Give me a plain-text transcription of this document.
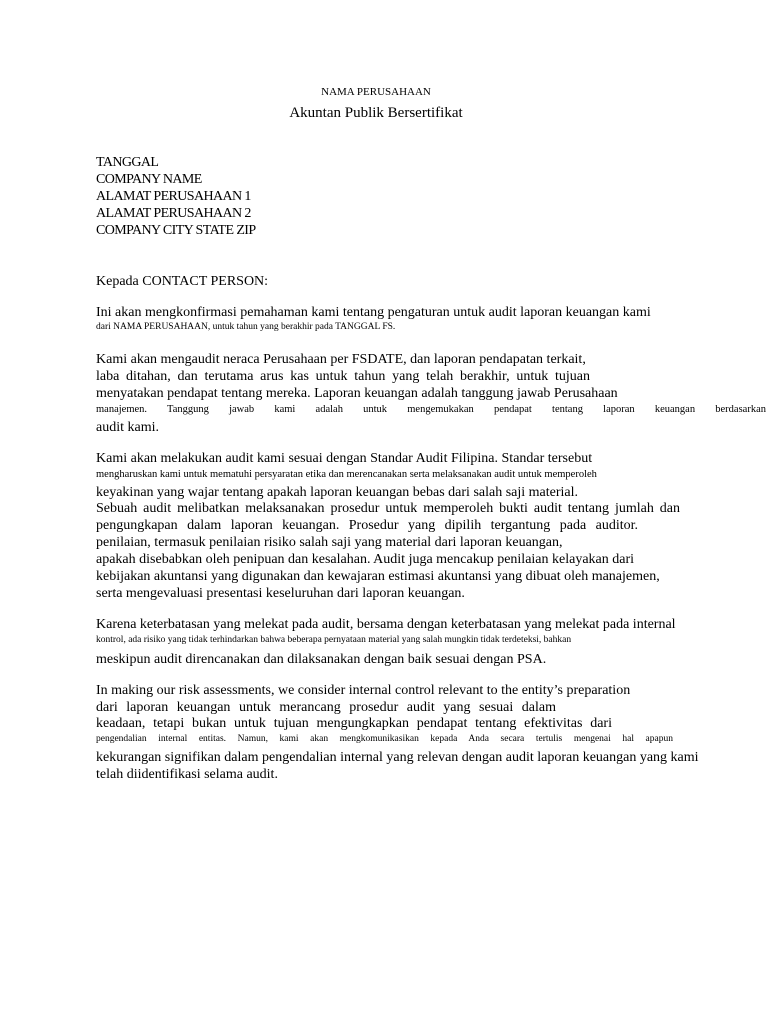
NAMA PERUSAHAAN
Akuntan Publik Bersertifikat
TANGGAL
COMPANY NAME
ALAMAT PERUSAHAAN 1
ALAMAT PERUSAHAAN 2
COMPANY CITY STATE ZIP
Kepada CONTACT PERSON:
Ini akan mengkonfirmasi pemahaman kami tentang pengaturan untuk audit laporan keuangan kami
dari NAMA PERUSAHAAN, untuk tahun yang berakhir pada TANGGAL FS.
Kami akan mengaudit neraca Perusahaan per FSDATE, dan laporan pendapatan terkait,
laba ditahan, dan terutama arus kas untuk tahun yang telah berakhir, untuk tujuan
menyatakan pendapat tentang mereka. Laporan keuangan adalah tanggung jawab Perusahaan
manajemen. Tanggung jawab kami adalah untuk mengemukakan pendapat tentang laporan keuangan berdasarkan
audit kami.
Kami akan melakukan audit kami sesuai dengan Standar Audit Filipina. Standar tersebut
mengharuskan kami untuk mematuhi persyaratan etika dan merencanakan serta melaksanakan audit untuk memperoleh
keyakinan yang wajar tentang apakah laporan keuangan bebas dari salah saji material.
Sebuah audit melibatkan melaksanakan prosedur untuk memperoleh bukti audit tentang jumlah dan
pengungkapan dalam laporan keuangan. Prosedur yang dipilih tergantung pada auditor.
penilaian, termasuk penilaian risiko salah saji yang material dari laporan keuangan,
apakah disebabkan oleh penipuan dan kesalahan. Audit juga mencakup penilaian kelayakan dari
kebijakan akuntansi yang digunakan dan kewajaran estimasi akuntansi yang dibuat oleh manajemen,
serta mengevaluasi presentasi keseluruhan dari laporan keuangan.
Karena keterbatasan yang melekat pada audit, bersama dengan keterbatasan yang melekat pada internal
kontrol, ada risiko yang tidak terhindarkan bahwa beberapa pernyataan material yang salah mungkin tidak terdeteksi, bahkan
meskipun audit direncanakan dan dilaksanakan dengan baik sesuai dengan PSA.
In making our risk assessments, we consider internal control relevant to the entity’s preparation
dari laporan keuangan untuk merancang prosedur audit yang sesuai dalam
keadaan, tetapi bukan untuk tujuan mengungkapkan pendapat tentang efektivitas dari
pengendalian internal entitas. Namun, kami akan mengkomunikasikan kepada Anda secara tertulis mengenai hal apapun
kekurangan signifikan dalam pengendalian internal yang relevan dengan audit laporan keuangan yang kami
telah diidentifikasi selama audit.
